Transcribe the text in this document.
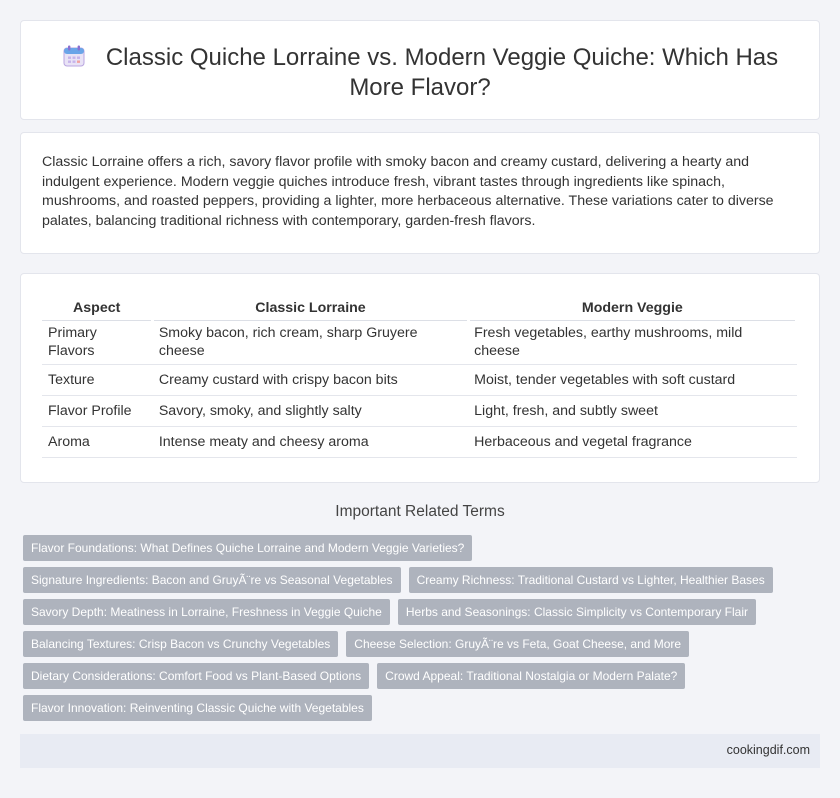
Classic Quiche Lorraine vs. Modern Veggie Quiche: Which Has More Flavor?

Classic Lorraine offers a rich, savory flavor profile with smoky bacon and creamy custard, delivering a hearty and indulgent experience. Modern veggie quiches introduce fresh, vibrant tastes through ingredients like spinach, mushrooms, and roasted peppers, providing a lighter, more herbaceous alternative. These variations cater to diverse palates, balancing traditional richness with contemporary, garden-fresh flavors.

Aspect	Classic Lorraine	Modern Veggie
Primary Flavors	Smoky bacon, rich cream, sharp Gruyere cheese	Fresh vegetables, earthy mushrooms, mild cheese
Texture	Creamy custard with crispy bacon bits	Moist, tender vegetables with soft custard
Flavor Profile	Savory, smoky, and slightly salty	Light, fresh, and subtly sweet
Aroma	Intense meaty and cheesy aroma	Herbaceous and vegetal fragrance
Important Related Terms
Flavor Foundations: What Defines Quiche Lorraine and Modern Veggie Varieties?
Signature Ingredients: Bacon and GruyÃ¨re vs Seasonal Vegetables	Creamy Richness: Traditional Custard vs Lighter, Healthier Bases
Savory Depth: Meatiness in Lorraine, Freshness in Veggie Quiche	Herbs and Seasonings: Classic Simplicity vs Contemporary Flair
Balancing Textures: Crisp Bacon vs Crunchy Vegetables	Cheese Selection: GruyÃ¨re vs Feta, Goat Cheese, and More
Dietary Considerations: Comfort Food vs Plant-Based Options	Crowd Appeal: Traditional Nostalgia or Modern Palate?
Flavor Innovation: Reinventing Classic Quiche with Vegetables
cookingdif.com
